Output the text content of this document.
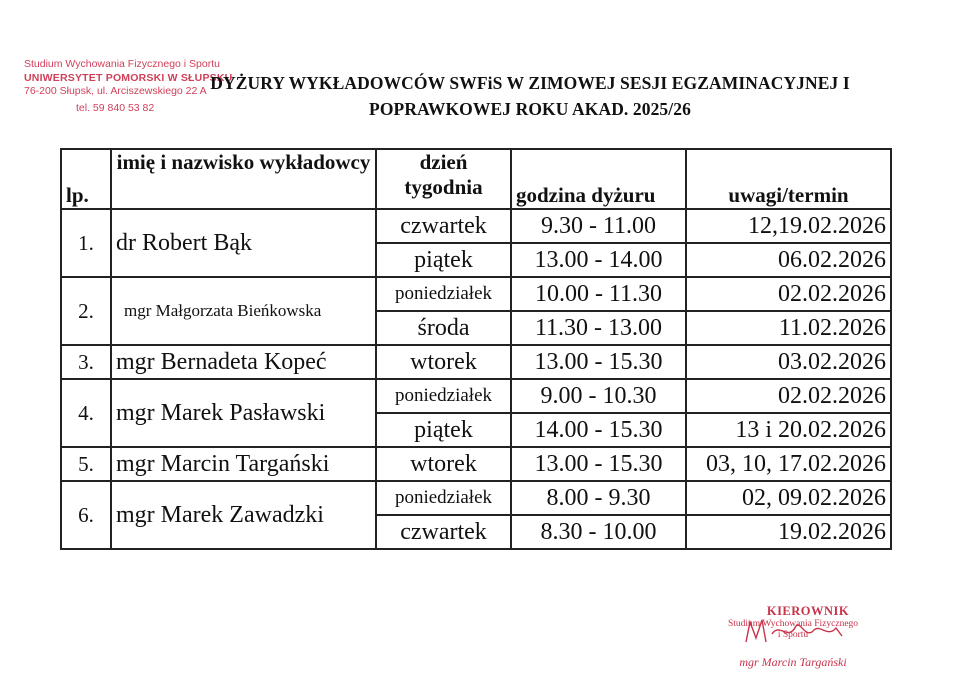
Studium Wychowania Fizycznego i Sportu
UNIWERSYTET POMORSKI W SŁUPSKU
76-200 Słupsk, ul. Arciszewskiego 22 A
tel. 59 840 53 82
DYŻURY WYKŁADOWCÓW SWFiS W ZIMOWEJ SESJI EGZAMINACYJNEJ I
POPRAWKOWEJ ROKU AKAD. 2025/26
lp.	imię i nazwisko wykładowcy	dzień tygodnia	godzina dyżuru	uwagi/termin
1.	dr Robert Bąk	czwartek	9.30 - 11.00	12,19.02.2026
		piątek	13.00 - 14.00	06.02.2026
2.	mgr Małgorzata Bieńkowska	poniedziałek	10.00 - 11.30	02.02.2026
		środa	11.30 - 13.00	11.02.2026
3.	mgr Bernadeta Kopeć	wtorek	13.00 - 15.30	03.02.2026
4.	mgr Marek Pasławski	poniedziałek	9.00 - 10.30	02.02.2026
		piątek	14.00 - 15.30	13 i 20.02.2026
5.	mgr Marcin Targański	wtorek	13.00 - 15.30	03, 10, 17.02.2026
6.	mgr Marek Zawadzki	poniedziałek	8.00 - 9.30	02, 09.02.2026
		czwartek	8.30 - 10.00	19.02.2026
KIEROWNIK
Studium Wychowania Fizycznego
i Sportu
mgr Marcin Targański
